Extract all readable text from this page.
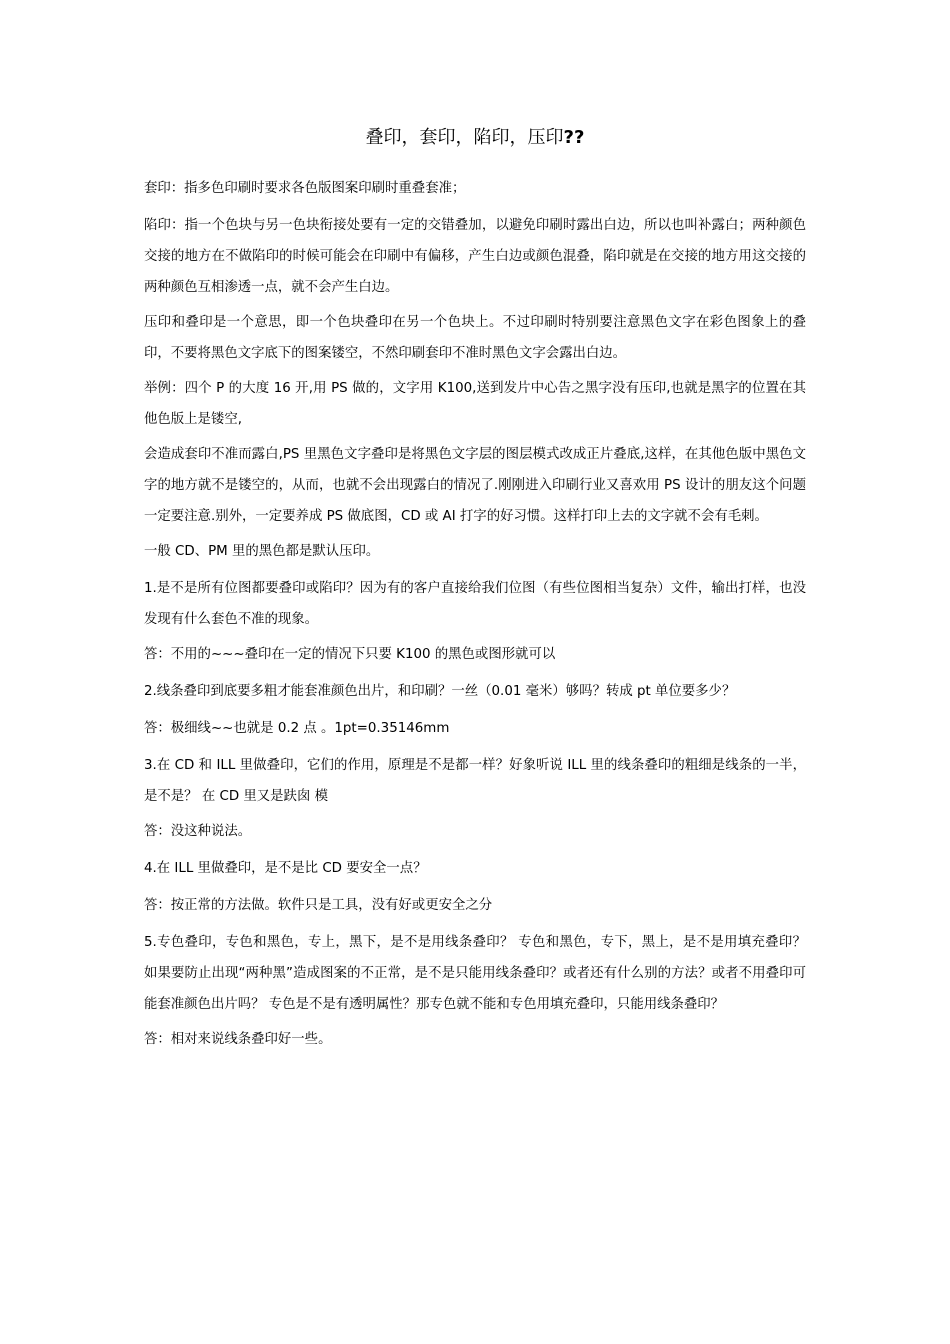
叠印，套印，陷印，压印??

套印：指多色印刷时要求各色版图案印刷时重叠套准；

陷印：指一个色块与另一色块衔接处要有一定的交错叠加，以避免印刷时露出白边，所以也叫补露白；两种颜色交接的地方在不做陷印的时候可能会在印刷中有偏移，产生白边或颜色混叠，陷印就是在交接的地方用这交接的两种颜色互相渗透一点，就不会产生白边。

压印和叠印是一个意思，即一个色块叠印在另一个色块上。不过印刷时特别要注意黑色文字在彩色图象上的叠印，不要将黑色文字底下的图案镂空，不然印刷套印不准时黑色文字会露出白边。

举例：四个 P 的大度 16 开,用 PS 做的，文字用 K100,送到发片中心告之黑字没有压印,也就是黑字的位置在其他色版上是镂空,

会造成套印不准而露白,PS 里黑色文字叠印是将黑色文字层的图层模式改成正片叠底,这样，在其他色版中黑色文字的地方就不是镂空的，从而，也就不会出现露白的情况了.刚刚进入印刷行业又喜欢用 PS 设计的朋友这个问题一定要注意.别外，一定要养成 PS 做底图，CD 或 AI 打字的好习惯。这样打印上去的文字就不会有毛刺。

一般 CD、PM 里的黑色都是默认压印。

1.是不是所有位图都要叠印或陷印？因为有的客户直接给我们位图（有些位图相当复杂）文件，输出打样，也没发现有什么套色不准的现象。

答：不用的~~~叠印在一定的情况下只要 K100 的黑色或图形就可以

2.线条叠印到底要多粗才能套准颜色出片，和印刷？一丝（0.01 毫米）够吗？转成 pt 单位要多少？

答：极细线~~也就是 0.2 点 。1pt=0.35146mm

3.在 CD 和 ILL 里做叠印，它们的作用，原理是不是都一样？好象听说 ILL 里的线条叠印的粗细是线条的一半，是不是？ 在 CD 里又是趺囱 模

答：没这种说法。

4.在 ILL 里做叠印，是不是比 CD 要安全一点？

答：按正常的方法做。软件只是工具，没有好或更安全之分

5.专色叠印，专色和黑色，专上，黑下，是不是用线条叠印？ 专色和黑色，专下，黑上，是不是用填充叠印？ 如果要防止出现“两种黑”造成图案的不正常，是不是只能用线条叠印？或者还有什么别的方法？或者不用叠印可能套准颜色出片吗？ 专色是不是有透明属性？那专色就不能和专色用填充叠印，只能用线条叠印？

答：相对来说线条叠印好一些。
